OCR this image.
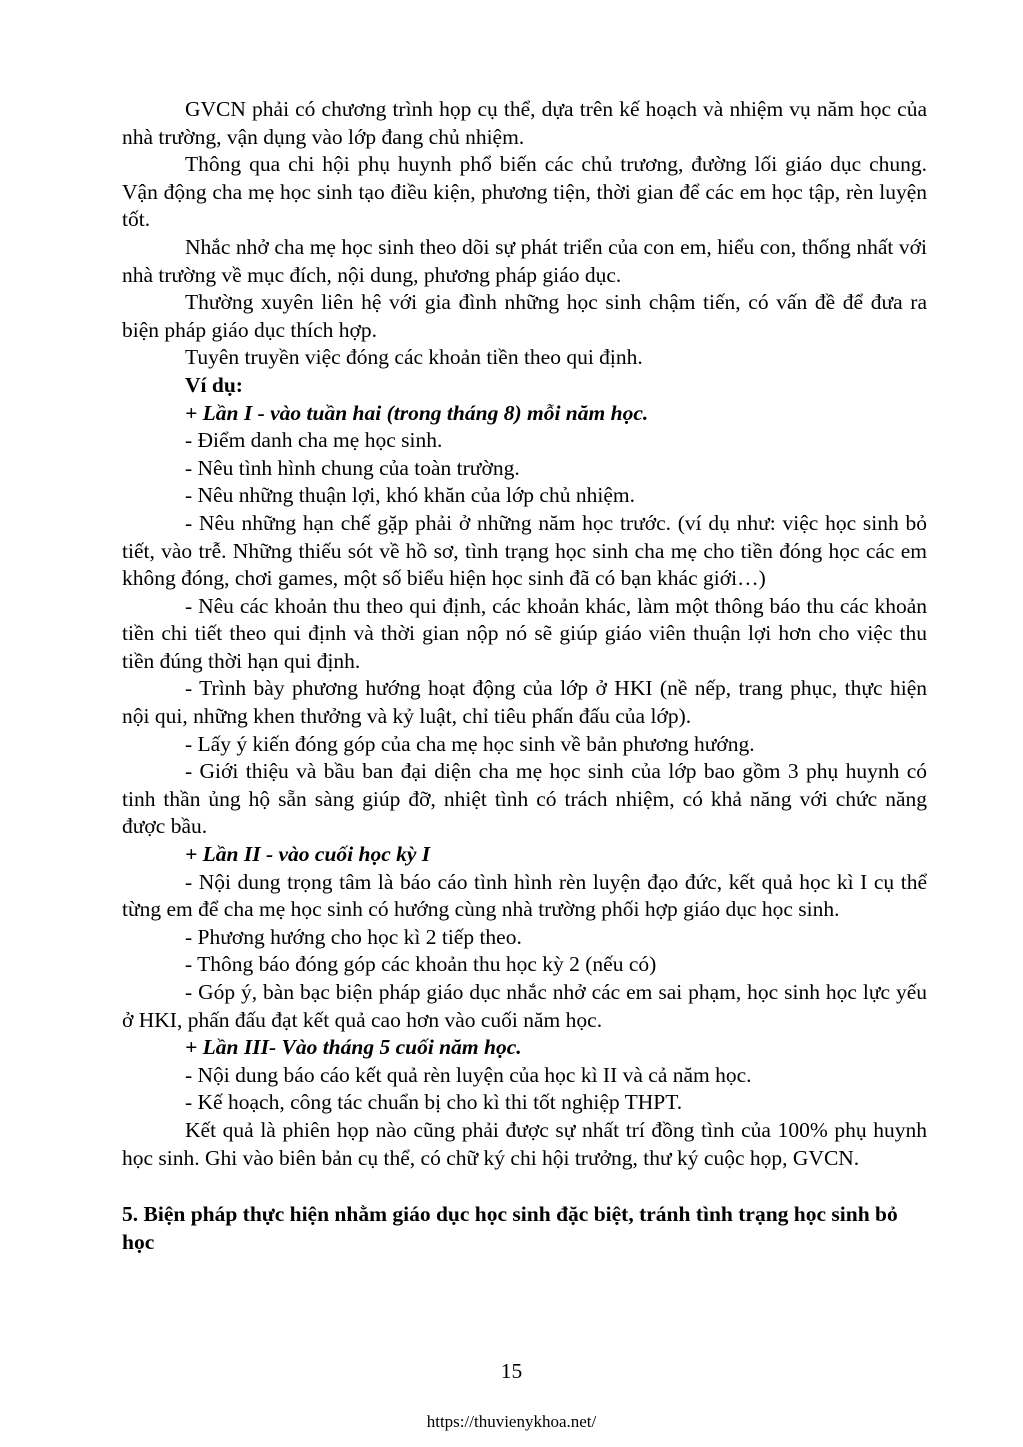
GVCN phải có chương trình họp cụ thể, dựa trên kế hoạch và nhiệm vụ năm học của nhà trường, vận dụng vào lớp đang chủ nhiệm.

Thông qua chi hội phụ huynh phổ biến các chủ trương, đường lối giáo dục chung. Vận động cha mẹ học sinh tạo điều kiện, phương tiện, thời gian để các em học tập, rèn luyện tốt.

Nhắc nhở cha mẹ học sinh theo dõi sự phát triển của con em, hiểu con, thống nhất với nhà trường về mục đích, nội dung, phương pháp giáo dục.

Thường xuyên liên hệ với gia đình những học sinh chậm tiến, có vấn đề để đưa ra biện pháp giáo dục thích hợp.

Tuyên truyền việc đóng các khoản tiền theo qui định.

Ví dụ:

+ Lần I - vào tuần hai (trong tháng 8) mỗi năm học.

- Điểm danh cha mẹ học sinh.

- Nêu tình hình chung của toàn trường.

- Nêu những thuận lợi, khó khăn của lớp chủ nhiệm.

- Nêu những hạn chế gặp phải ở những năm học trước. (ví dụ như: việc học sinh bỏ tiết, vào trễ. Những thiếu sót về hồ sơ, tình trạng học sinh cha mẹ cho tiền đóng học các em không đóng, chơi games, một số biểu hiện học sinh đã có bạn khác giới…)

- Nêu các khoản thu theo qui định, các khoản khác, làm một thông báo thu các khoản tiền chi tiết theo qui định và thời gian nộp nó sẽ giúp giáo viên thuận lợi hơn cho việc thu tiền đúng thời hạn qui định.

- Trình bày phương hướng hoạt động của lớp ở HKI (nề nếp, trang phục, thực hiện nội qui, những khen thưởng và kỷ luật, chỉ tiêu phấn đấu của lớp).

- Lấy ý kiến đóng góp của cha mẹ học sinh về bản phương hướng.

- Giới thiệu và bầu ban đại diện cha mẹ học sinh của lớp bao gồm 3 phụ huynh có tinh thần ủng hộ sẵn sàng giúp đỡ, nhiệt tình có trách nhiệm, có khả năng với chức năng được bầu.

+ Lần II - vào cuối học kỳ I

- Nội dung trọng tâm là báo cáo tình hình rèn luyện đạo đức, kết quả học kì I cụ thể từng em để cha mẹ học sinh có hướng cùng nhà trường phối hợp giáo dục học sinh.

- Phương hướng cho học kì 2 tiếp theo.

- Thông báo đóng góp các khoản thu học kỳ 2 (nếu có)

- Góp ý, bàn bạc biện pháp giáo dục nhắc nhở các em sai phạm, học sinh học lực yếu ở HKI, phấn đấu đạt kết quả cao hơn vào cuối năm học.

+ Lần III- Vào tháng 5 cuối năm học.

- Nội dung báo cáo kết quả rèn luyện của học kì II và cả năm học.

- Kế hoạch, công tác chuẩn bị cho kì thi tốt nghiệp THPT.

Kết quả là phiên họp nào cũng phải được sự nhất trí đồng tình của 100% phụ huynh học sinh. Ghi vào biên bản cụ thể, có chữ ký chi hội trưởng, thư ký cuộc họp, GVCN.

5. Biện pháp thực hiện nhằm giáo dục học sinh đặc biệt, tránh tình trạng học sinh bỏ học

15
https://thuvienykhoa.net/
